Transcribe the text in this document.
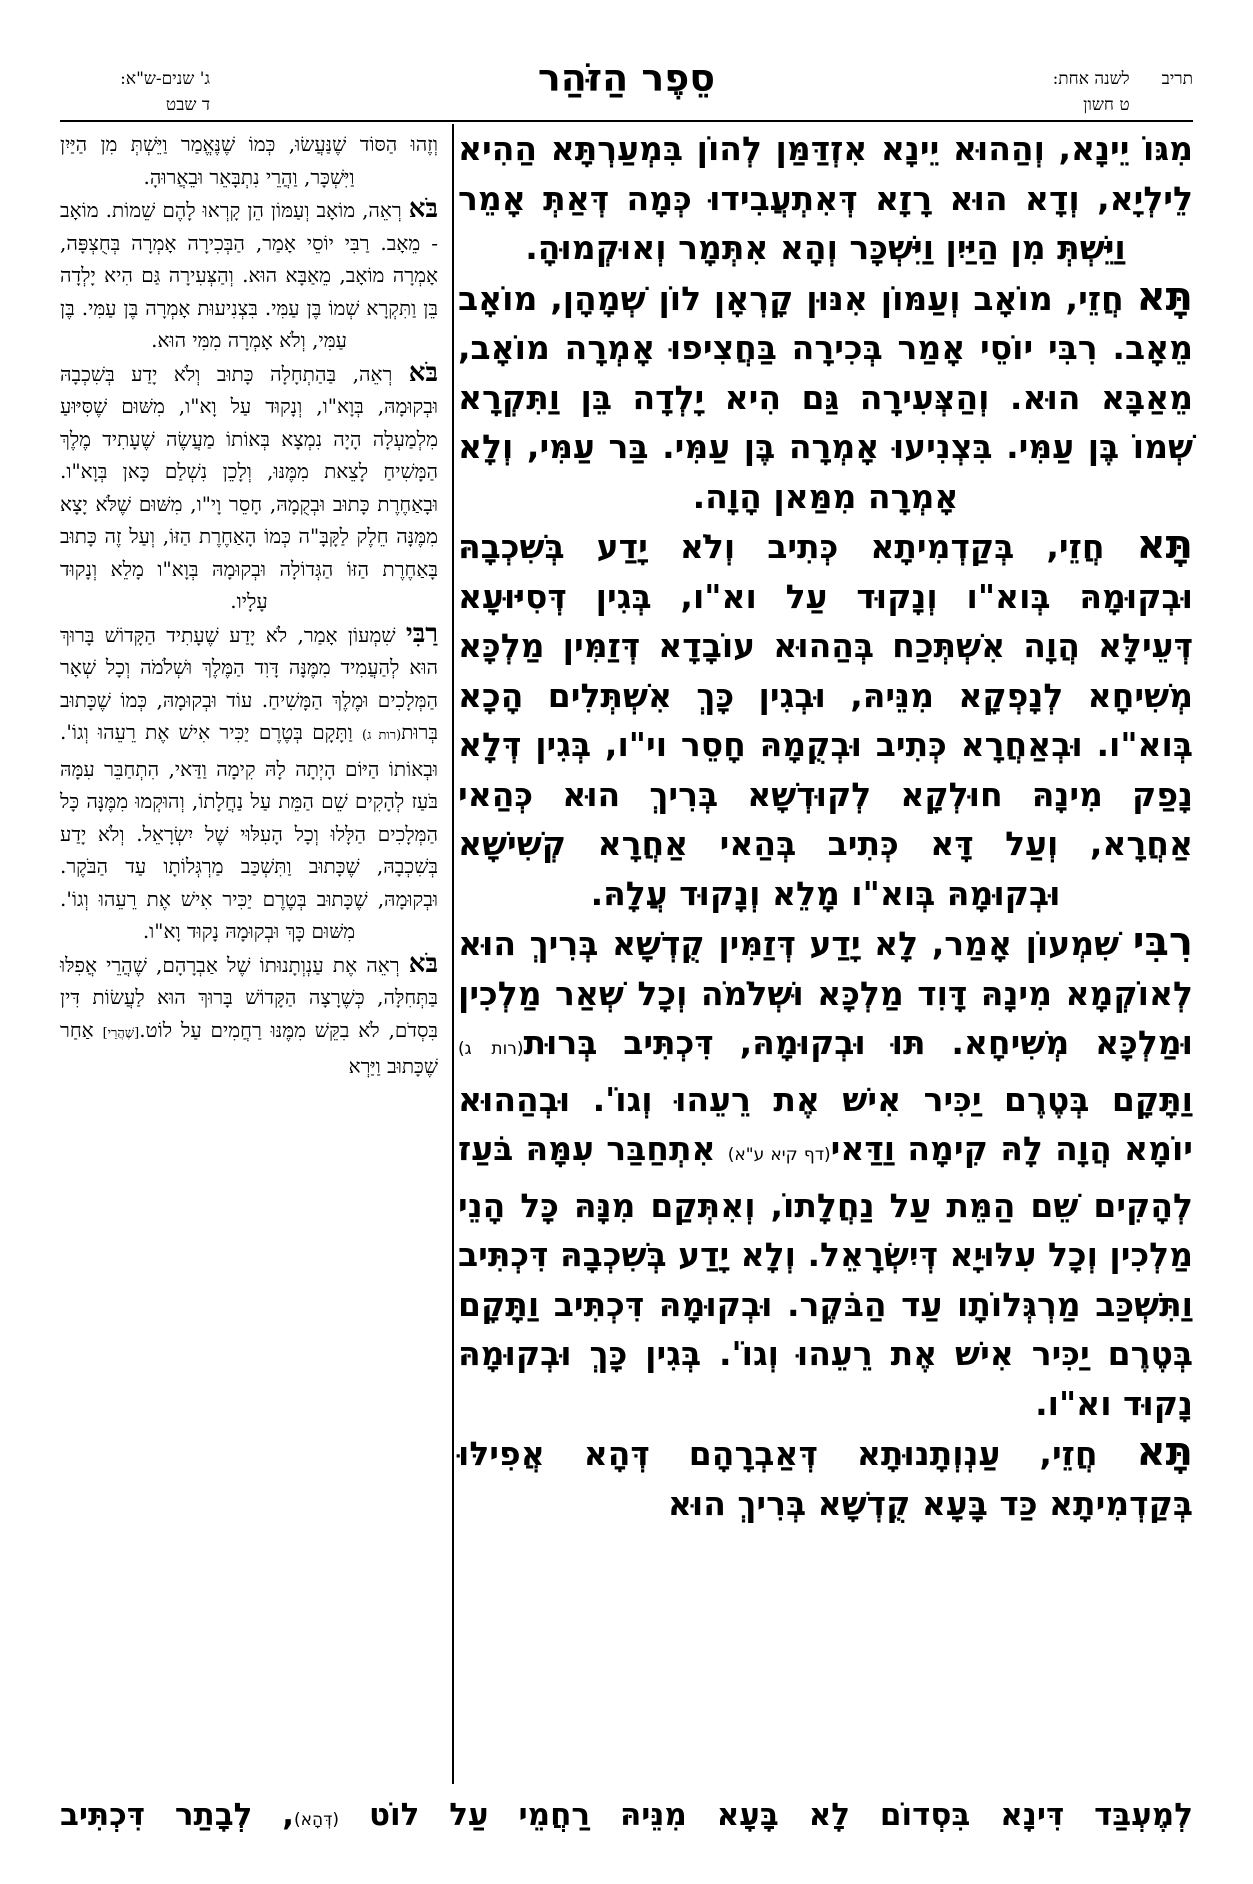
תריב
לשנה אחת:
ט חשון
סֵפֶר הַזֹּהַר
ג' שנים-ש"א:
ד שבט

מִגּוֹ יֵינָא, וְהַהוּא יֵינָא אִזְדַּמַּן לְהוֹן בִּמְעַרְתָּא הַהִיא לֵילְיָא, וְדָא הוּא רָזָא דְּאִתְעֲבִידוּ כְּמָה דְּאַתְּ אָמֵר וַיֵּשְׁתְּ מִן הַיַּיִן וַיִּשְׁכָּר וְהָא אִתְּמָר וְאוּקְמוּהָ.

תָּא חֲזֵי, מוֹאָב וְעַמּוֹן אִנּוּן קָרְאָן לוֹן שְׁמָהָן, מוֹאָב מֵאָב. רִבִּי יוֹסֵי אָמַר בְּכִירָה בַּחֲצִיפוּ אָמְרָה מוֹאָב, מֵאַבָּא הוּא. וְהַצְּעִירָה גַּם הִיא יָלְדָה בֵּן וַתִּקְרָא שְׁמוֹ בֶּן עַמִּי. בִּצְנִיעוּ אָמְרָה בֶּן עַמִּי. בַּר עַמִּי, וְלָא אָמְרָה מִמַּאן הָוָה.

תָּא חֲזֵי, בְּקַדְמִיתָא כְּתִיב וְלֹא יָדַע בְּשִׁכְבָהּ וּבְקוּמָהּ בְּוא"ו וְנָקוּד עַל וא"ו, בְּגִין דְּסִיּוּעָא דְּעֵילָּא הֲוָה אִשְׁתְּכַח בְּהַהוּא עוֹבָדָא דְּזַמִּין מַלְכָּא מְשִׁיחָא לְנָפְקָא מִנֵּיהּ, וּבְגִין כָּךְ אִשְׁתְּלִים הָכָא בְּוא"ו. וּבְאַחֲרָא כְּתִיב וּבְקֻמָהּ חָסֵר וי"ו, בְּגִין דְּלָא נָפַק מִינָהּ חוּלְקָא לְקוּדְשָׁא בְּרִיךְ הוּא כְּהַאי אַחֲרָא, וְעַל דָּא כְּתִיב בְּהַאי אַחֲרָא קְשִׁישָׁא וּבְקוּמָהּ בְּוא"ו מָלֵא וְנָקוּד עֲלָהּ.

רִבִּי שִׁמְעוֹן אָמַר, לָא יָדַע דְּזַמִּין קֻדְשָׁא בְּרִיךְ הוּא לְאוֹקְמָא מִינָהּ דָּוִד מַלְכָּא וּשְׁלֹמֹה וְכָל שְׁאַר מַלְכִין וּמַלְכָּא מְשִׁיחָא. תּוּ וּבְקוּמָהּ, דִּכְתִּיב בְּרוּת(רות ג) וַתָּקָם בְּטֶרֶם יַכִּיר אִישׁ אֶת רֵעֵהוּ וְגוֹ'. וּבְהַהוּא יוֹמָא הֲוָה לָהּ קִימָה וַדַּאי(דף קיא ע"א) אִתְחַבַּר עִמָּהּ בֹּעַז לְהָקִים שֵׁם הַמֵּת עַל נַחֲלָתוֹ, וְאִתְּקַם מִנָּהּ כָּל הָנֵי מַלְכִין וְכָל עִלּוּיָא דְּיִשְׂרָאֵל. וְלָא יָדַע בְּשִׁכְבָהּ דִּכְתִּיב וַתִּשְׁכַּב מַרְגְּלוֹתָו עַד הַבֹּקֶר. וּבְקוּמָהּ דִּכְתִּיב וַתָּקָם בְּטֶרֶם יַכִּיר אִישׁ אֶת רֵעֵהוּ וְגוֹ'. בְּגִין כָּךְ וּבְקוּמָהּ נָקוּד וא"ו.

תָּא חֲזֵי, עַנְוְתָנוּתָא דְּאַבְרָהָם דְּהָא אֲפִילּוּ בְּקַדְמִיתָא כַּד בָּעָא קֻדְשָׁא בְּרִיךְ הוּא

וְזֶהוּ הַסּוֹד שֶׁנַּעֲשׂוּ, כְּמוֹ שֶׁנֶּאֱמַר וַיֵּשְׁתְּ מִן הַיַּיִן וַיִּשְׁכָּר, וַהֲרֵי נִתְבָּאֵר וּבֵאֲרוּהָ.

בֹּא רְאֵה, מוֹאָב וְעַמּוֹן הֵן קָרְאוּ לָהֶם שֵׁמוֹת. מוֹאָב - מֵאָב. רַבִּי יוֹסֵי אָמַר, הַבְּכִירָה אָמְרָה בְּחֻצְפָּה, אָמְרָה מוֹאָב, מֵאַבָּא הוּא. וְהַצְּעִירָה גַּם הִיא יָלְדָה בֵּן וַתִּקְרָא שְׁמוֹ בֶּן עַמִּי. בִּצְנִיעוּת אָמְרָה בֶּן עַמִּי. בֶּן עַמִּי, וְלֹא אָמְרָה מִמִּי הוּא.

בֹּא רְאֵה, בַּהַתְחָלָה כָּתוּב וְלֹא יָדַע בְּשִׁכְבָהּ וּבְקוּמָהּ, בְּוָא"ו, וְנָקוּד עַל וָא"ו, מִשּׁוּם שֶׁסִּיּוּעַ מִלְמַעְלָה הָיָה נִמְצָא בְּאוֹתוֹ מַעֲשֶׂה שֶׁעָתִיד מֶלֶךְ הַמָּשִׁיחַ לָצֵאת מִמֶּנּוּ, וְלָכֵן נִשְׁלַם כָּאן בְּוָא"ו. וּבָאַחֶרֶת כָּתוּב וּבְקֻמָהּ, חָסֵר וָי"ו, מִשּׁוּם שֶׁלֹּא יָצָא מִמֶּנָּה חֵלֶק לַקָּבָּ"ה כְּמוֹ הָאַחֶרֶת הַזּוֹ, וְעַל זֶה כָּתוּב בָּאַחֶרֶת הַזּוֹ הַגְּדוֹלָה וּבְקוּמָהּ בְּוָא"ו מָלֵא וְנָקוּד עָלָיו.

רַבִּי שִׁמְעוֹן אָמַר, לֹא יָדַע שֶׁעָתִיד הַקָּדוֹשׁ בָּרוּךְ הוּא לְהַעֲמִיד מִמֶּנָּה דָּוִד הַמֶּלֶךְ וּשְׁלֹמֹה וְכָל שְׁאָר הַמְּלָכִים וּמֶלֶךְ הַמָּשִׁיחַ. עוֹד וּבְקוּמָהּ, כְּמוֹ שֶׁכָּתוּב בְּרוּת(רות ג) וַתָּקָם בְּטֶרֶם יַכִּיר אִישׁ אֶת רֵעֵהוּ וְגוֹ'. וּבְאוֹתוֹ הַיּוֹם הָיְתָה לָהּ קִימָה וַדַּאי, הִתְחַבֵּר עִמָּהּ בֹּעַז לְהָקִים שֵׁם הַמֵּת עַל נַחֲלָתוֹ, וְהוּקְמוּ מִמֶּנָּה כָּל הַמְּלָכִים הַלָּלוּ וְכָל הָעִלּוּי שֶׁל יִשְׂרָאֵל. וְלֹא יָדַע בְּשִׁכְבָהּ, שֶׁכָּתוּב וַתִּשְׁכַּב מַרְגְּלוֹתָו עַד הַבֹּקֶר. וּבְקוּמָהּ, שֶׁכָּתוּב בְּטֶרֶם יַכִּיר אִישׁ אֶת רֵעֵהוּ וְגוֹ'. מִשּׁוּם כָּךְ וּבְקוּמָהּ נָקוּד וָא"ו.

בֹּא רְאֵה אֶת עַנְוְתָנוּתוֹ שֶׁל אַבְרָהָם, שֶׁהֲרֵי אֲפִלּוּ בַּתְּחִלָּה, כְּשֶׁרָצָה הַקָּדוֹשׁ בָּרוּךְ הוּא לַעֲשׂוֹת דִּין בִּסְדֹם, לֹא בִקֵּשׁ מִמֶּנּוּ רַחֲמִים עַל לוֹט.[שֶׁהֲרֵי] אַחַר שֶׁכָּתוּב וַיַּרְא

לְמֶעְבַּד דִּינָא בִּסְדוֹם לָא בָּעָא מִנֵּיהּ רַחֲמֵי עַל לוֹט (דְּהָא), לְבָתַר דִּכְתִּיב
